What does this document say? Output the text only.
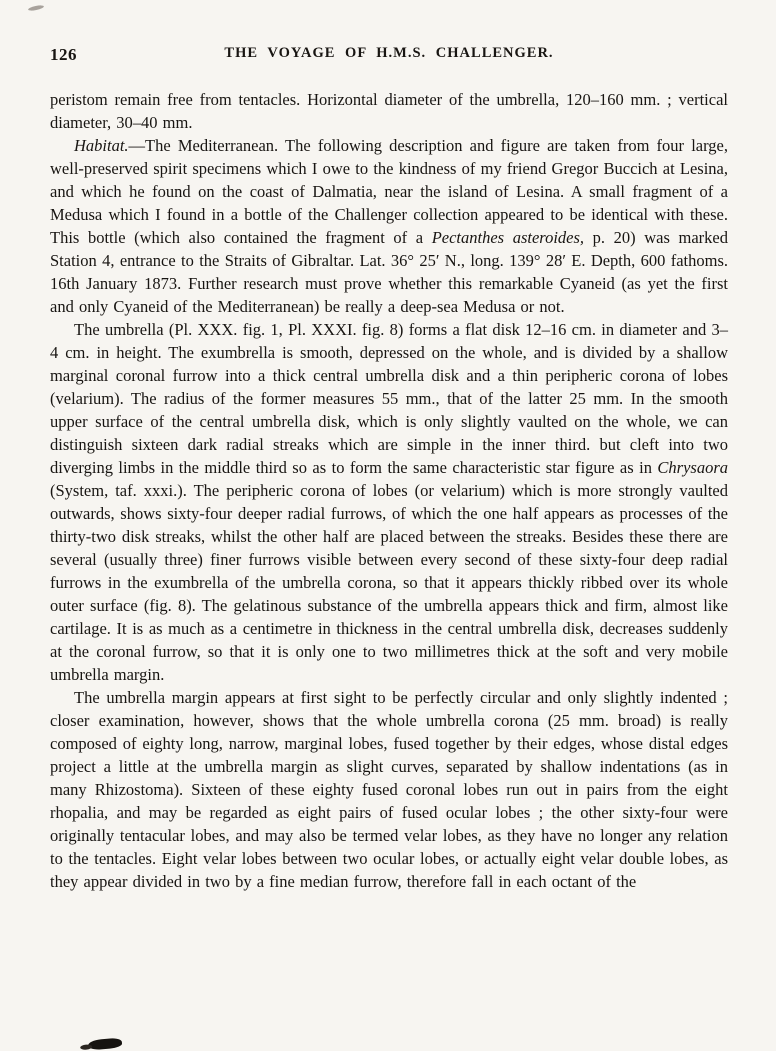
126	THE VOYAGE OF H.M.S. CHALLENGER.

peristom remain free from tentacles. Horizontal diameter of the umbrella, 120–160 mm. ; vertical diameter, 30–40 mm.

Habitat.—The Mediterranean. The following description and figure are taken from four large, well-preserved spirit specimens which I owe to the kindness of my friend Gregor Buccich at Lesina, and which he found on the coast of Dalmatia, near the island of Lesina. A small fragment of a Medusa which I found in a bottle of the Challenger collection appeared to be identical with these. This bottle (which also contained the fragment of a Pectanthes asteroides, p. 20) was marked Station 4, entrance to the Straits of Gibraltar. Lat. 36° 25′ N., long. 139° 28′ E. Depth, 600 fathoms. 16th January 1873. Further research must prove whether this remarkable Cyaneid (as yet the first and only Cyaneid of the Mediterranean) be really a deep-sea Medusa or not.

The umbrella (Pl. XXX. fig. 1, Pl. XXXI. fig. 8) forms a flat disk 12–16 cm. in diameter and 3–4 cm. in height. The exumbrella is smooth, depressed on the whole, and is divided by a shallow marginal coronal furrow into a thick central umbrella disk and a thin peripheric corona of lobes (velarium). The radius of the former measures 55 mm., that of the latter 25 mm. In the smooth upper surface of the central umbrella disk, which is only slightly vaulted on the whole, we can distinguish sixteen dark radial streaks which are simple in the inner third. but cleft into two diverging limbs in the middle third so as to form the same characteristic star figure as in Chrysaora (System, taf. xxxi.). The peripheric corona of lobes (or velarium) which is more strongly vaulted outwards, shows sixty-four deeper radial furrows, of which the one half appears as processes of the thirty-two disk streaks, whilst the other half are placed between the streaks. Besides these there are several (usually three) finer furrows visible between every second of these sixty-four deep radial furrows in the exumbrella of the umbrella corona, so that it appears thickly ribbed over its whole outer surface (fig. 8). The gelatinous substance of the umbrella appears thick and firm, almost like cartilage. It is as much as a centimetre in thickness in the central umbrella disk, decreases suddenly at the coronal furrow, so that it is only one to two millimetres thick at the soft and very mobile umbrella margin.

The umbrella margin appears at first sight to be perfectly circular and only slightly indented ; closer examination, however, shows that the whole umbrella corona (25 mm. broad) is really composed of eighty long, narrow, marginal lobes, fused together by their edges, whose distal edges project a little at the umbrella margin as slight curves, separated by shallow indentations (as in many Rhizostoma). Sixteen of these eighty fused coronal lobes run out in pairs from the eight rhopalia, and may be regarded as eight pairs of fused ocular lobes ; the other sixty-four were originally tentacular lobes, and may also be termed velar lobes, as they have no longer any relation to the tentacles. Eight velar lobes between two ocular lobes, or actually eight velar double lobes, as they appear divided in two by a fine median furrow, therefore fall in each octant of the
